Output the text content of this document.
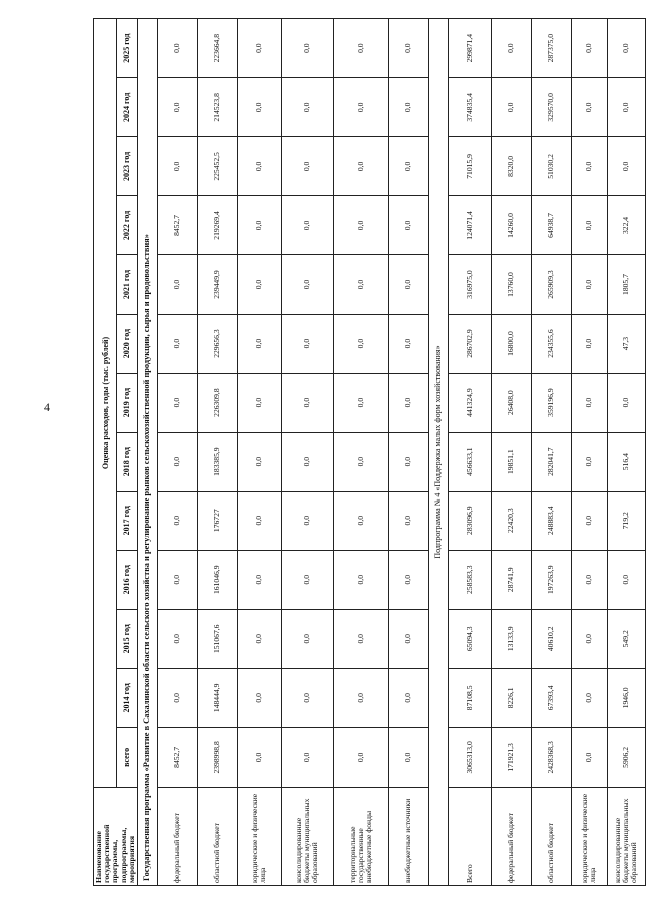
4
Наименование государственной программы, подпрограммы, мероприятия	Оценка расходов, годы (тыс. рублей)												
	всего	2014 год	2015 год	2016 год	2017 год	2018 год	2019 год	2020 год	2021 год	2022 год	2023 год	2024 год	2025 год
Государственная программа «Развитие в Сахалинской области сельского хозяйства и регулирование рынков сельскохозяйственной продукции, сырья и продовольствия»													
федеральный бюджет	8452,7	0,0	0,0	0,0	0,0	0,0	0,0	0,0	0,0	8452,7	0,0	0,0	0,0
областной бюджет	2398998,8	148444,9	151067,6	161046,9	176727	183385,9	226309,8	229656,3	239449,9	219269,4	225452,5	214523,8	223664,8
юридические и физические лица	0,0	0,0	0,0	0,0	0,0	0,0	0,0	0,0	0,0	0,0	0,0	0,0	0,0
консолидированные бюджеты муниципальных образований	0,0	0,0	0,0	0,0	0,0	0,0	0,0	0,0	0,0	0,0	0,0	0,0	0,0
территориальные государственные внебюджетные фонды	0,0	0,0	0,0	0,0	0,0	0,0	0,0	0,0	0,0	0,0	0,0	0,0	0,0
внебюджетные источники	0,0	0,0	0,0	0,0	0,0	0,0	0,0	0,0	0,0	0,0	0,0	0,0	0,0
Подпрограмма № 4 «Поддержка малых форм хозяйствования»													
Всего	3065313,0	87108,5	65094,3	258583,3	283096,9	456633,1	441324,9	286702,9	316975,0	124071,4	71015,9	374835,4	299871,4
федеральный бюджет	171921,3	8226,1	13133,9	28741,9	22420,3	19851,1	26408,0	16800,0	13760,0	14260,0	8320,0	0,0	0,0
областной бюджет	2428368,3	67393,4	40610,2	197263,9	248883,4	282041,7	359196,9	234355,6	265909,3	64938,7	51030,2	329570,0	287375,0
юридические и физические лица	0,0	0,0	0,0	0,0	0,0	0,0	0,0	0,0	0,0	0,0	0,0	0,0	0,0
консолидированные бюджеты муниципальных образований	5906,2	1946,0	549,2	0,0	719,2	516,4	0,0	47,3	1805,7	322,4	0,0	0,0	0,0
